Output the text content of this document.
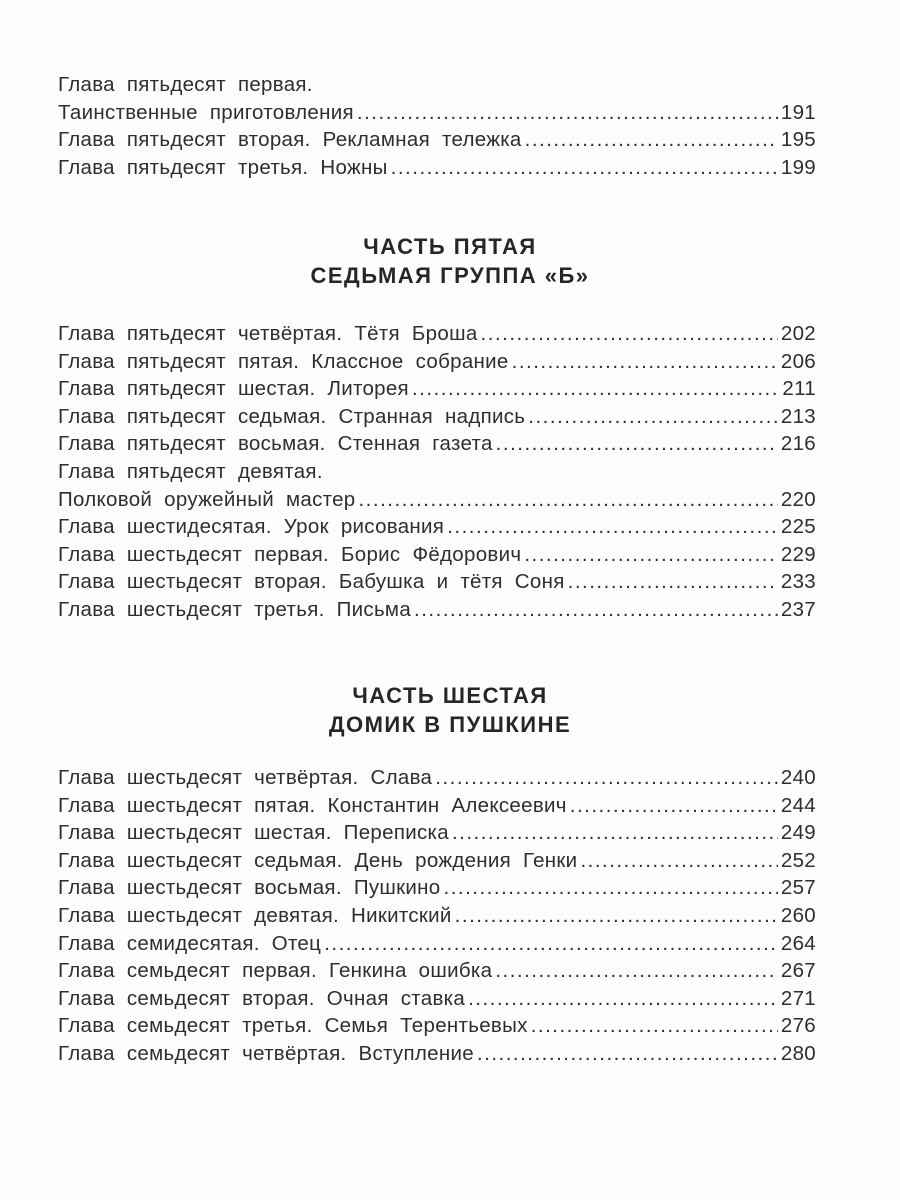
Глава пятьдесят первая.
Таинственные приготовления .....	191
Глава пятьдесят вторая. Рекламная тележка .....	195
Глава пятьдесят третья. Ножны .....	199
ЧАСТЬ ПЯТАЯ
СЕДЬМАЯ ГРУППА «Б»
Глава пятьдесят четвёртая. Тётя Броша .....	202
Глава пятьдесят пятая. Классное собрание .....	206
Глава пятьдесят шестая. Литорея .....	211
Глава пятьдесят седьмая. Странная надпись .....	213
Глава пятьдесят восьмая. Стенная газета .....	216
Глава пятьдесят девятая.
Полковой оружейный мастер .....	220
Глава шестидесятая. Урок рисования .....	225
Глава шестьдесят первая. Борис Фёдорович .....	229
Глава шестьдесят вторая. Бабушка и тётя Соня .....	233
Глава шестьдесят третья. Письма .....	237
ЧАСТЬ ШЕСТАЯ
ДОМИК В ПУШКИНЕ
Глава шестьдесят четвёртая. Слава .....	240
Глава шестьдесят пятая. Константин Алексеевич .....	244
Глава шестьдесят шестая. Переписка .....	249
Глава шестьдесят седьмая. День рождения Генки .....	252
Глава шестьдесят восьмая. Пушкино .....	257
Глава шестьдесят девятая. Никитский .....	260
Глава семидесятая. Отец .....	264
Глава семьдесят первая. Генкина ошибка .....	267
Глава семьдесят вторая. Очная ставка .....	271
Глава семьдесят третья. Семья Терентьевых .....	276
Глава семьдесят четвёртая. Вступление .....	280
